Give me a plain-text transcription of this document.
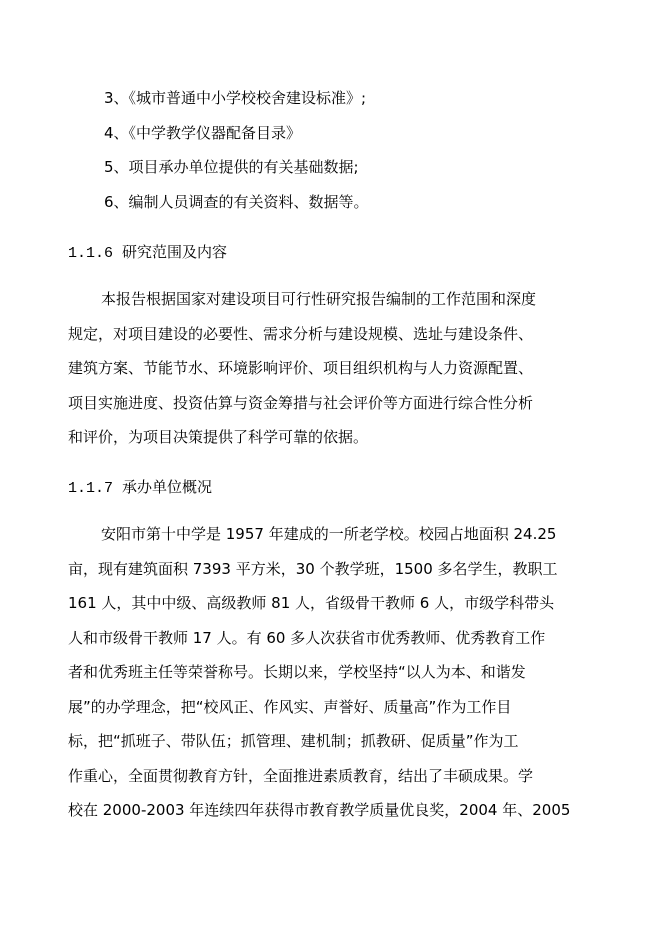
3、《城市普通中小学校校舍建设标准》;
4、《中学教学仪器配备目录》
5、项目承办单位提供的有关基础数据;
6、编制人员调查的有关资料、数据等。
1.1.6 研究范围及内容
本报告根据国家对建设项目可行性研究报告编制的工作范围和深度
规定，对项目建设的必要性、需求分析与建设规模、选址与建设条件、
建筑方案、节能节水、环境影响评价、项目组织机构与人力资源配置、
项目实施进度、投资估算与资金筹措与社会评价等方面进行综合性分析
和评价，为项目决策提供了科学可靠的依据。
1.1.7 承办单位概况
安阳市第十中学是 1957 年建成的一所老学校。校园占地面积 24.25
亩，现有建筑面积 7393 平方米，30 个教学班，1500 多名学生，教职工
161 人，其中中级、高级教师 81 人，省级骨干教师 6 人，市级学科带头
人和市级骨干教师 17 人。有 60 多人次获省市优秀教师、优秀教育工作
者和优秀班主任等荣誉称号。长期以来，学校坚持“以人为本、和谐发
展”的办学理念，把“校风正、作风实、声誉好、质量高”作为工作目
标，把“抓班子、带队伍；抓管理、建机制；抓教研、促质量”作为工
作重心，全面贯彻教育方针，全面推进素质教育，结出了丰硕成果。学
校在 2000-2003 年连续四年获得市教育教学质量优良奖，2004 年、2005
